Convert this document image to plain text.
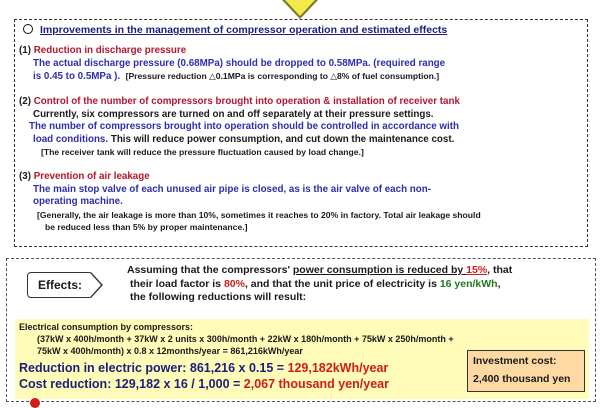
Improvements in the management of compressor operation and estimated effects
(1) Reduction in discharge pressure
The actual discharge pressure (0.68MPa) should be dropped to 0.58MPa. (required range
is 0.45 to 0.5MPa ). [Pressure reduction △0.1MPa is corresponding to △8% of fuel consumption.]
(2) Control of the number of compressors brought into operation & installation of receiver tank
Currently, six compressors are turned on and off separately at their pressure settings.
The number of compressors brought into operation should be controlled in accordance with
load conditions. This will reduce power consumption, and cut down the maintenance cost.
[The receiver tank will reduce the pressure fluctuation caused by load change.]
(3) Prevention of air leakage
The main stop valve of each unused air pipe is closed, as is the air valve of each non-
operating machine.
[Generally, the air leakage is more than 10%, sometimes it reaches to 20% in factory. Total air leakage should
be reduced less than 5% by proper maintenance.]
Effects:
Assuming that the compressors' power consumption is reduced by 15%, that
their load factor is 80%, and that the unit price of electricity is 16 yen/kWh,
the following reductions will result:
Electrical consumption by compressors:
(37kW x 400h/month + 37kW x 2 units x 300h/month + 22kW x 180h/month + 75kW x 250h/month +
75kW x 400h/month) x 0.8 x 12months/year = 861,216kWh/year
Reduction in electric power: 861,216 x 0.15 = 129,182kWh/year
Cost reduction: 129,182 x 16 / 1,000 = 2,067 thousand yen/year
Investment cost:
2,400 thousand yen
